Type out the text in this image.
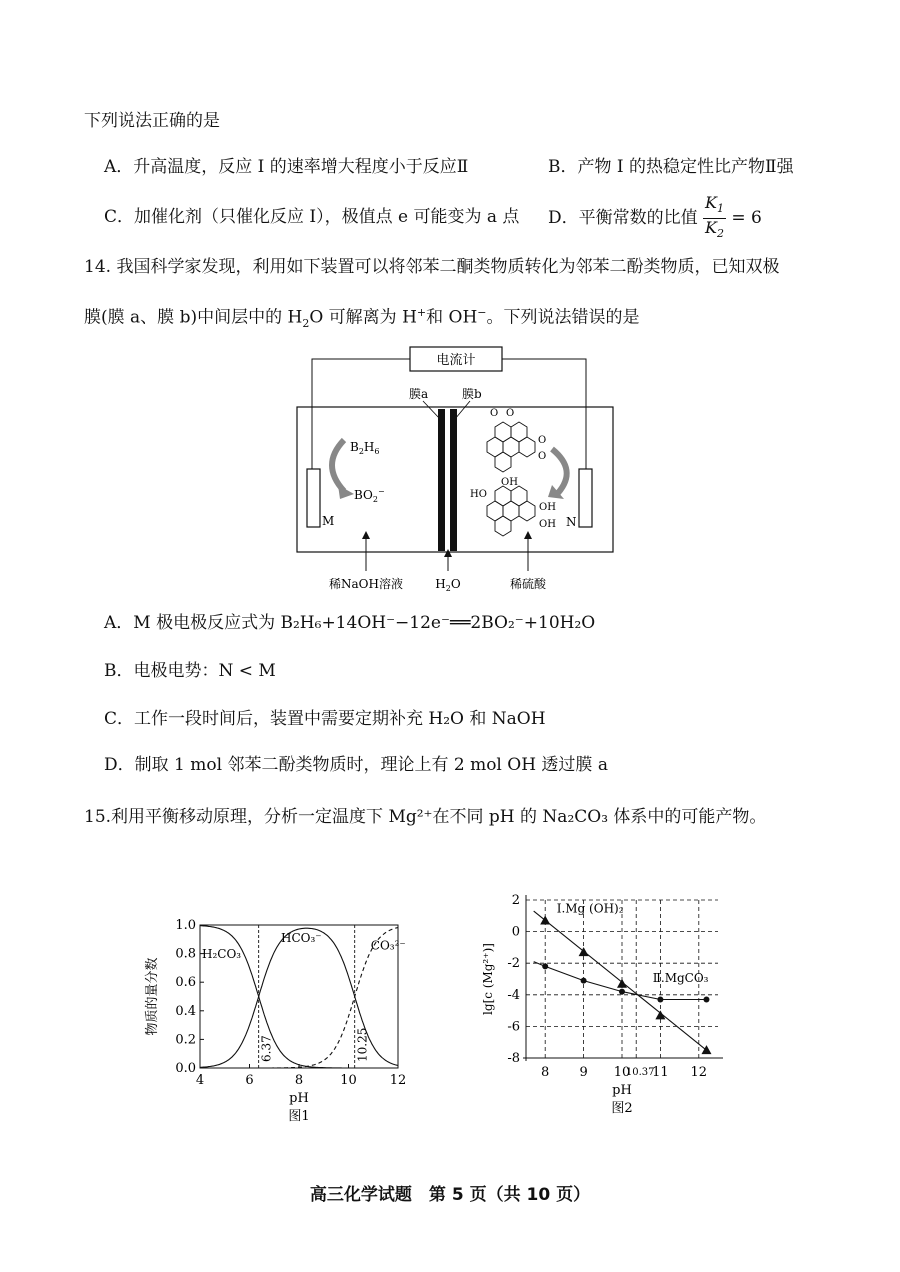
下列说法正确的是
A．升高温度，反应 I 的速率增大程度小于反应Ⅱ	B．产物 I 的热稳定性比产物Ⅱ强
C．加催化剂（只催化反应 I），极值点 e 可能变为 a 点 D．平衡常数的比值 $\frac{K_1}{K_2} = 6$
14. 我国科学家发现，利用如下装置可以将邻苯二酮类物质转化为邻苯二酚类物质，已知双极
膜(膜 a、膜 b)中间层中的 $H_2O$ 可解离为 H+和 OH−。下列说法错误的是
电流计
M	N
膜a	膜b
$B_2H_6$
$BO_2^-$
O O
O
O
HO
OH
OH
OH
稀NaOH溶液	$H_2O$	稀硫酸
A．M 极电极反应式为 B₂H₆+14OH⁻−12e⁻══2BO₂⁻+10H₂O
B．电极电势：N < M
C．工作一段时间后，装置中需要定期补充 H₂O 和 NaOH
D．制取 1 mol 邻苯二酚类物质时，理论上有 2 mol OH 透过膜 a
15.利用平衡移动原理，分析一定温度下 Mg²⁺在不同 pH 的 Na₂CO₃ 体系中的可能产物。
4	6	8	10	12
0.0
0.2
0.4
0.6
0.8
1.0
6.37	10.25
H₂CO₃
HCO₃⁻
CO₃²⁻
物质的量分数
pH
图1
2
0
-2
-4
-6
-8
8 9 10 11 12
10.37
I.Mg (OH)₂
Ⅱ.MgCO₃
lg[c (Mg²⁺)]
pH
图2
高三化学试题　第 5 页（共 10 页）
